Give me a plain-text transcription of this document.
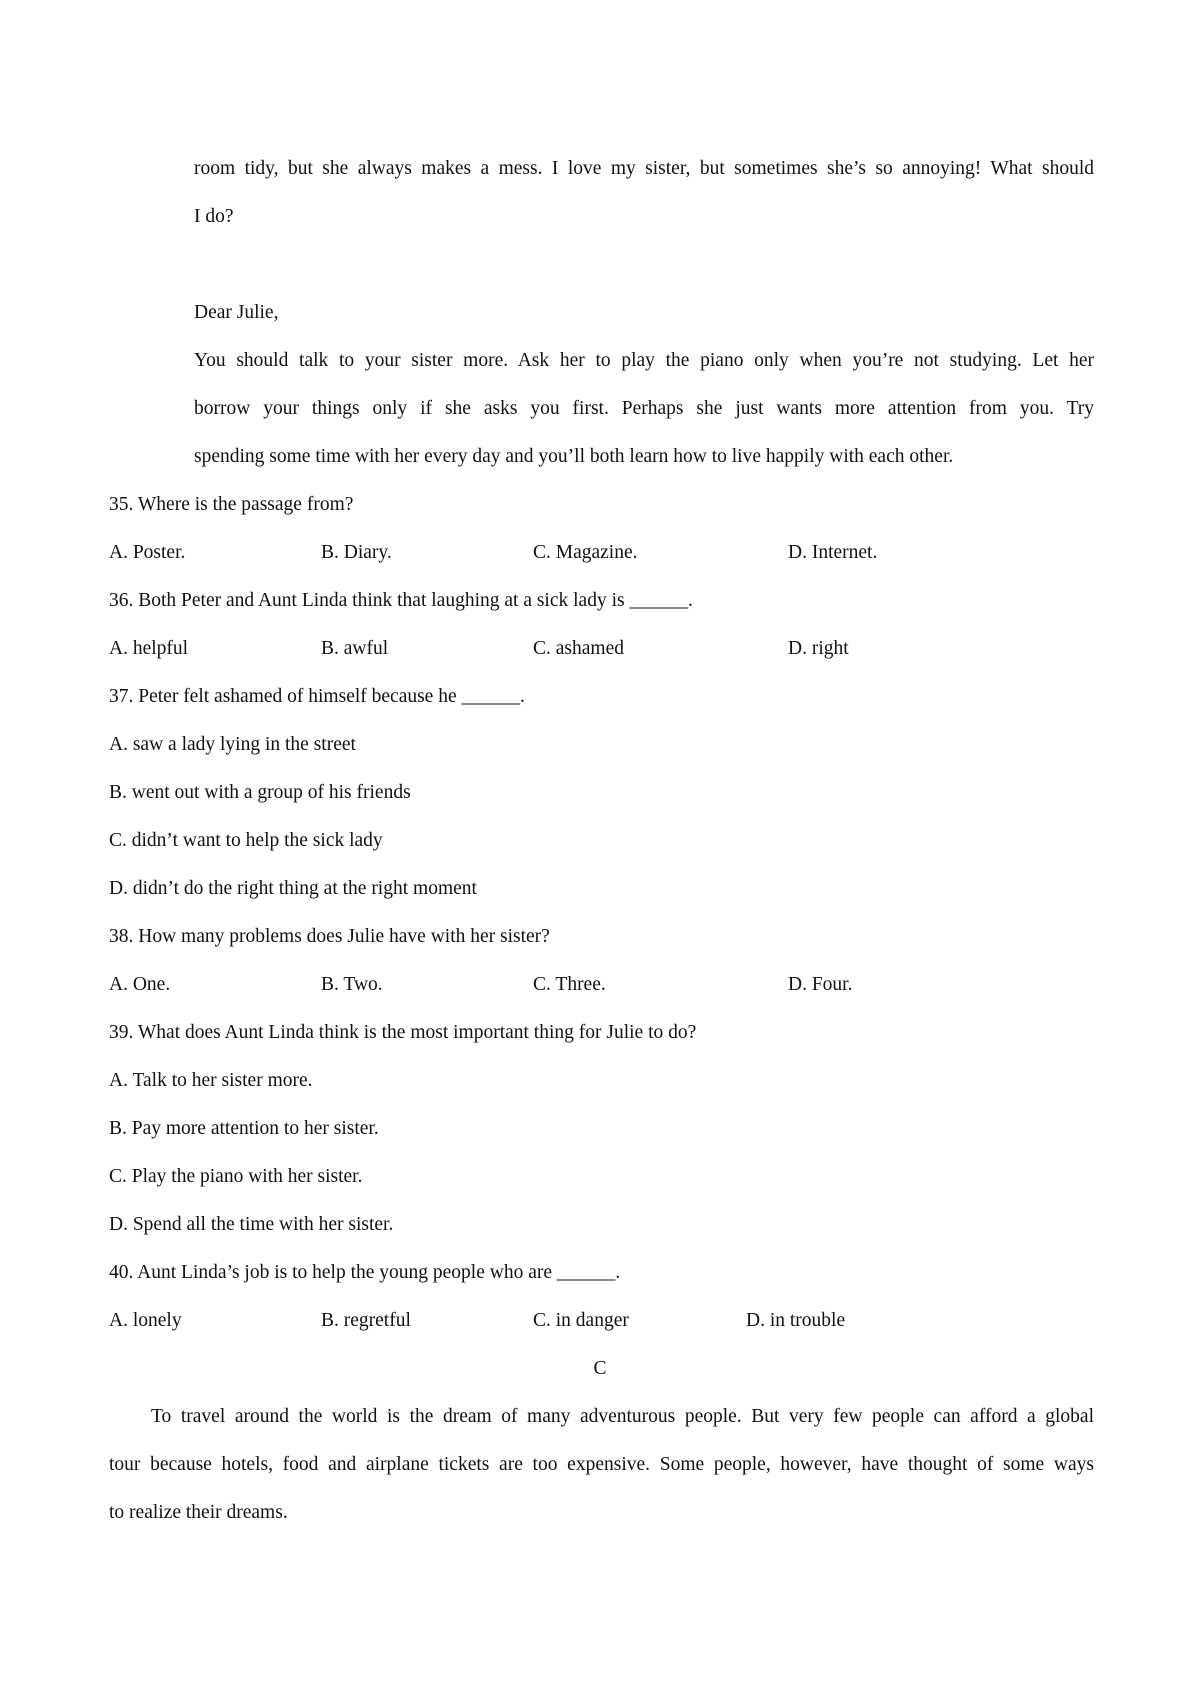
room tidy, but she always makes a mess. I love my sister, but sometimes she’s so annoying! What should
I do?
Dear Julie,
You should talk to your sister more. Ask her to play the piano only when you’re not studying. Let her
borrow your things only if she asks you first. Perhaps she just wants more attention from you. Try
spending some time with her every day and you’ll both learn how to live happily with each other.
35. Where is the passage from?
A. Poster.	B. Diary.	C. Magazine.	D. Internet.
36. Both Peter and Aunt Linda think that laughing at a sick lady is ______.
A. helpful	B. awful	C. ashamed	D. right
37. Peter felt ashamed of himself because he ______.
A. saw a lady lying in the street
B. went out with a group of his friends
C. didn’t want to help the sick lady
D. didn’t do the right thing at the right moment
38. How many problems does Julie have with her sister?
A. One.	B. Two.	C. Three.	D. Four.
39. What does Aunt Linda think is the most important thing for Julie to do?
A. Talk to her sister more.
B. Pay more attention to her sister.
C. Play the piano with her sister.
D. Spend all the time with her sister.
40. Aunt Linda’s job is to help the young people who are ______.
A. lonely	B. regretful	C. in danger	D. in trouble
C
To travel around the world is the dream of many adventurous people. But very few people can afford a global
tour because hotels, food and airplane tickets are too expensive. Some people, however, have thought of some ways
to realize their dreams.
